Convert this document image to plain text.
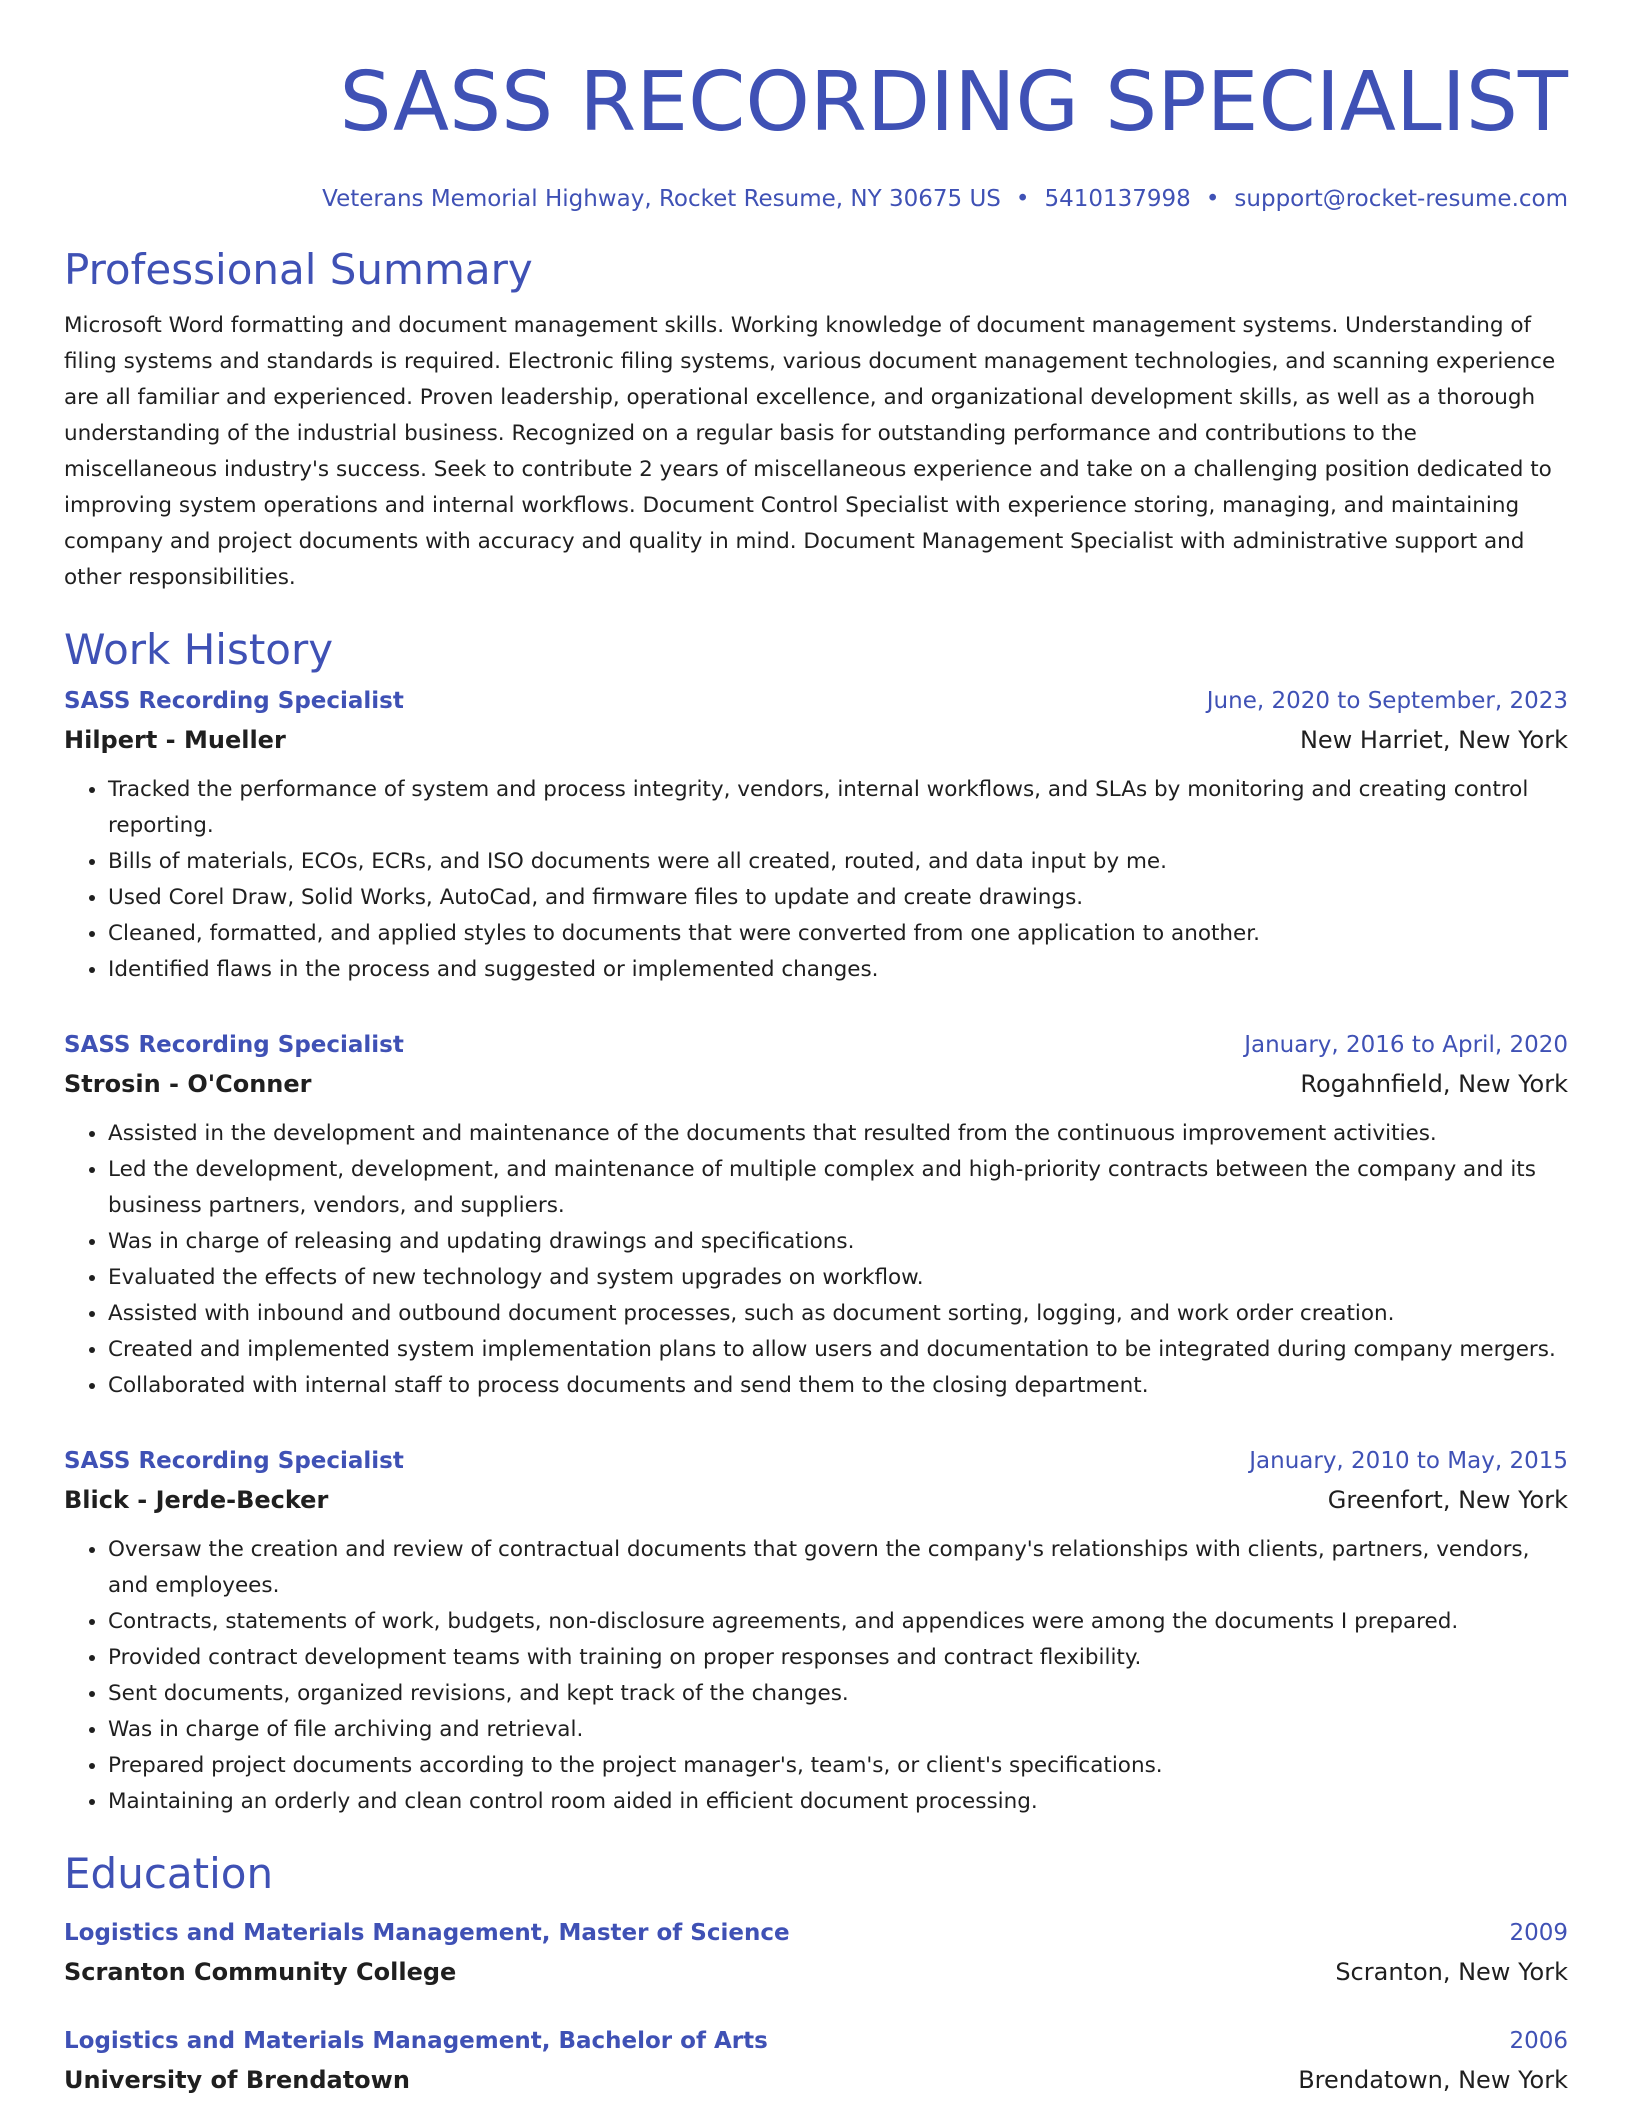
SASS RECORDING SPECIALIST
Veterans Memorial Highway, Rocket Resume, NY 30675 US • 5410137998 • support@rocket-resume.com
Professional Summary
Microsoft Word formatting and document management skills. Working knowledge of document management systems. Understanding of filing systems and standards is required. Electronic filing systems, various document management technologies, and scanning experience are all familiar and experienced. Proven leadership, operational excellence, and organizational development skills, as well as a thorough understanding of the industrial business. Recognized on a regular basis for outstanding performance and contributions to the miscellaneous industry's success. Seek to contribute 2 years of miscellaneous experience and take on a challenging position dedicated to improving system operations and internal workflows. Document Control Specialist with experience storing, managing, and maintaining company and project documents with accuracy and quality in mind. Document Management Specialist with administrative support and other responsibilities.
Work History
SASS Recording Specialist	June, 2020 to September, 2023
Hilpert - Mueller	New Harriet, New York
• Tracked the performance of system and process integrity, vendors, internal workflows, and SLAs by monitoring and creating control reporting.
• Bills of materials, ECOs, ECRs, and ISO documents were all created, routed, and data input by me.
• Used Corel Draw, Solid Works, AutoCad, and firmware files to update and create drawings.
• Cleaned, formatted, and applied styles to documents that were converted from one application to another.
• Identified flaws in the process and suggested or implemented changes.
SASS Recording Specialist	January, 2016 to April, 2020
Strosin - O'Conner	Rogahnfield, New York
• Assisted in the development and maintenance of the documents that resulted from the continuous improvement activities.
• Led the development, development, and maintenance of multiple complex and high-priority contracts between the company and its business partners, vendors, and suppliers.
• Was in charge of releasing and updating drawings and specifications.
• Evaluated the effects of new technology and system upgrades on workflow.
• Assisted with inbound and outbound document processes, such as document sorting, logging, and work order creation.
• Created and implemented system implementation plans to allow users and documentation to be integrated during company mergers.
• Collaborated with internal staff to process documents and send them to the closing department.
SASS Recording Specialist	January, 2010 to May, 2015
Blick - Jerde-Becker	Greenfort, New York
• Oversaw the creation and review of contractual documents that govern the company's relationships with clients, partners, vendors, and employees.
• Contracts, statements of work, budgets, non-disclosure agreements, and appendices were among the documents I prepared.
• Provided contract development teams with training on proper responses and contract flexibility.
• Sent documents, organized revisions, and kept track of the changes.
• Was in charge of file archiving and retrieval.
• Prepared project documents according to the project manager's, team's, or client's specifications.
• Maintaining an orderly and clean control room aided in efficient document processing.
Education
Logistics and Materials Management, Master of Science	2009
Scranton Community College	Scranton, New York
Logistics and Materials Management, Bachelor of Arts	2006
University of Brendatown	Brendatown, New York
